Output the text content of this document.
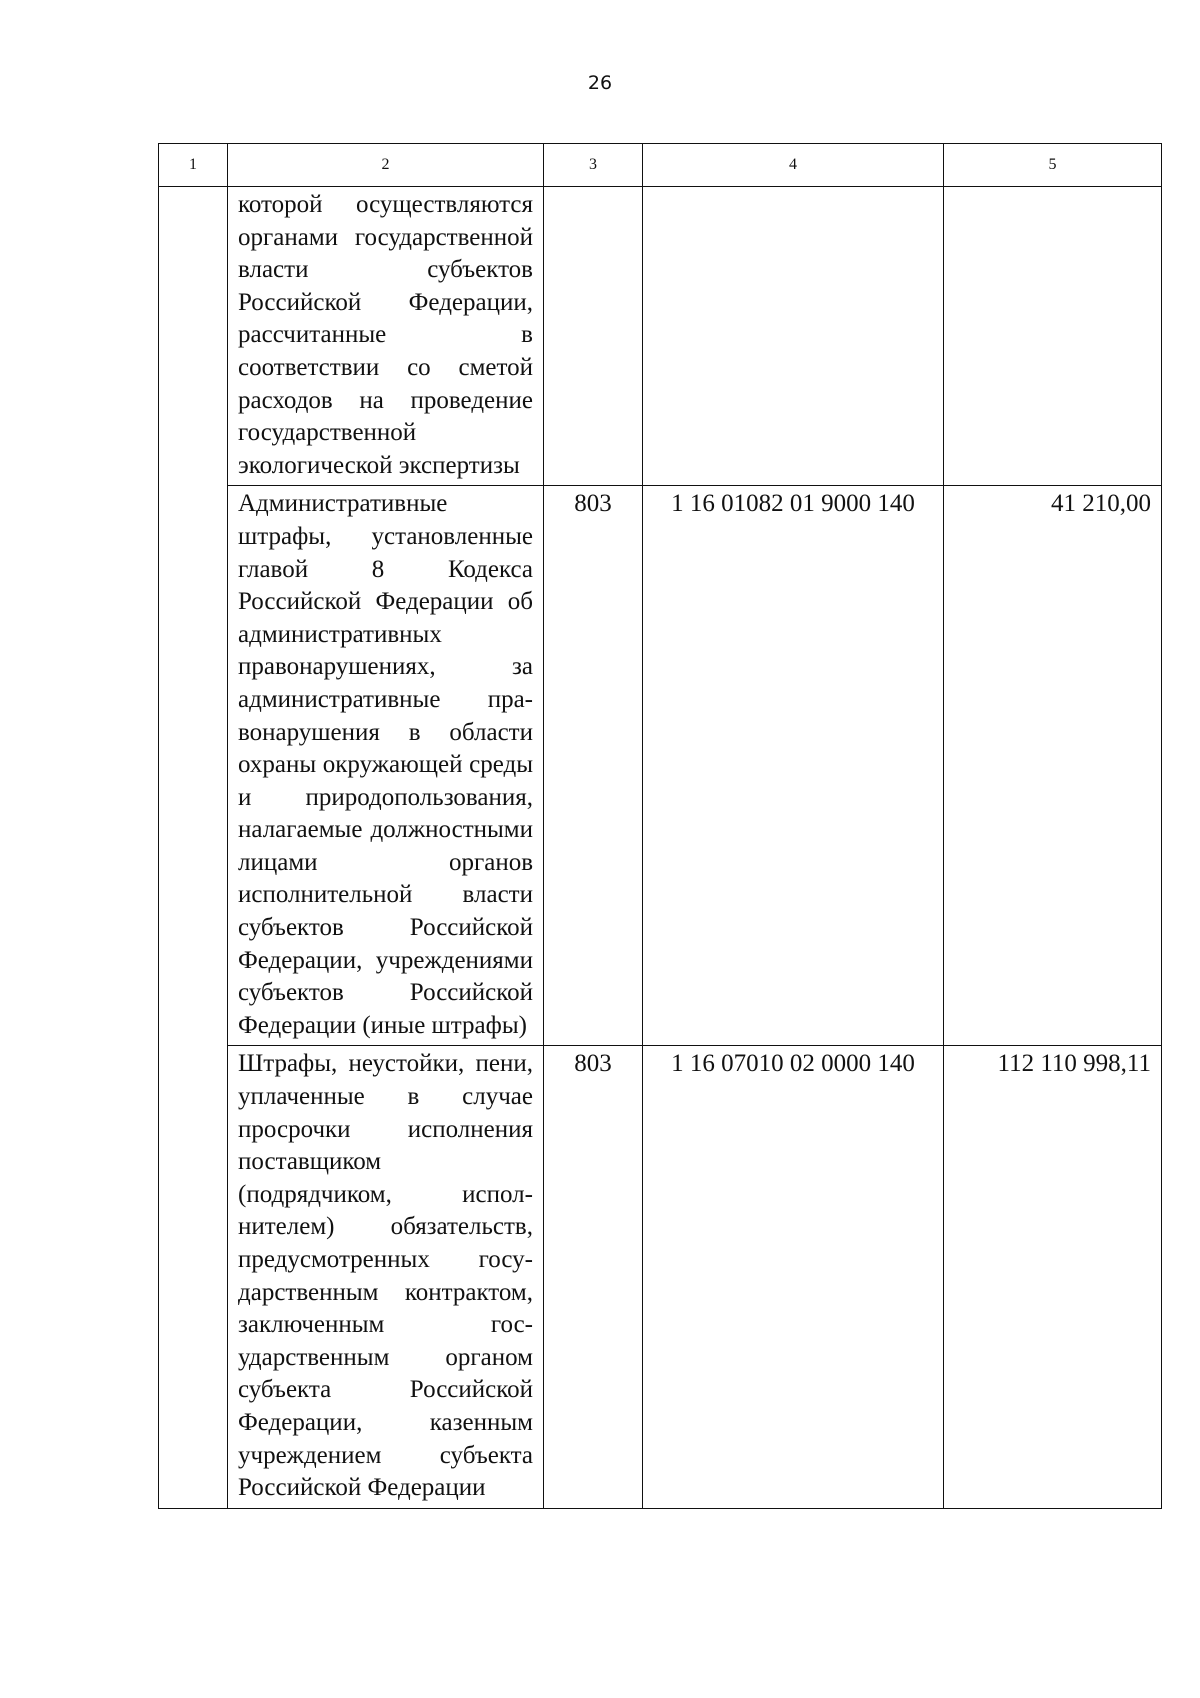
26
1	2	3	4	5

	которой осуществляются органами государственной власти субъектов Российской Федерации, рассчитанные в соответствии со сметой расходов на проведение государственной экологической экспертизы			

	Административные штрафы, установленные главой 8 Кодекса Российской Федерации об административных правонарушениях, за административные правонарушения в области охраны окружающей среды и природопользования, налагаемые должностными лицами органов исполнительной власти субъектов Российской Федерации, учреждениями субъектов Российской Федерации (иные штрафы)	803	1 16 01082 01 9000 140	41 210,00

	Штрафы, неустойки, пени, уплаченные в случае просрочки исполнения поставщиком (подрядчиком, исполнителем) обязательств, предусмотренных государственным контрактом, заключенным государственным органом субъекта Российской Федерации, казенным учреждением субъекта Российской Федерации	803	1 16 07010 02 0000 140	112 110 998,11
